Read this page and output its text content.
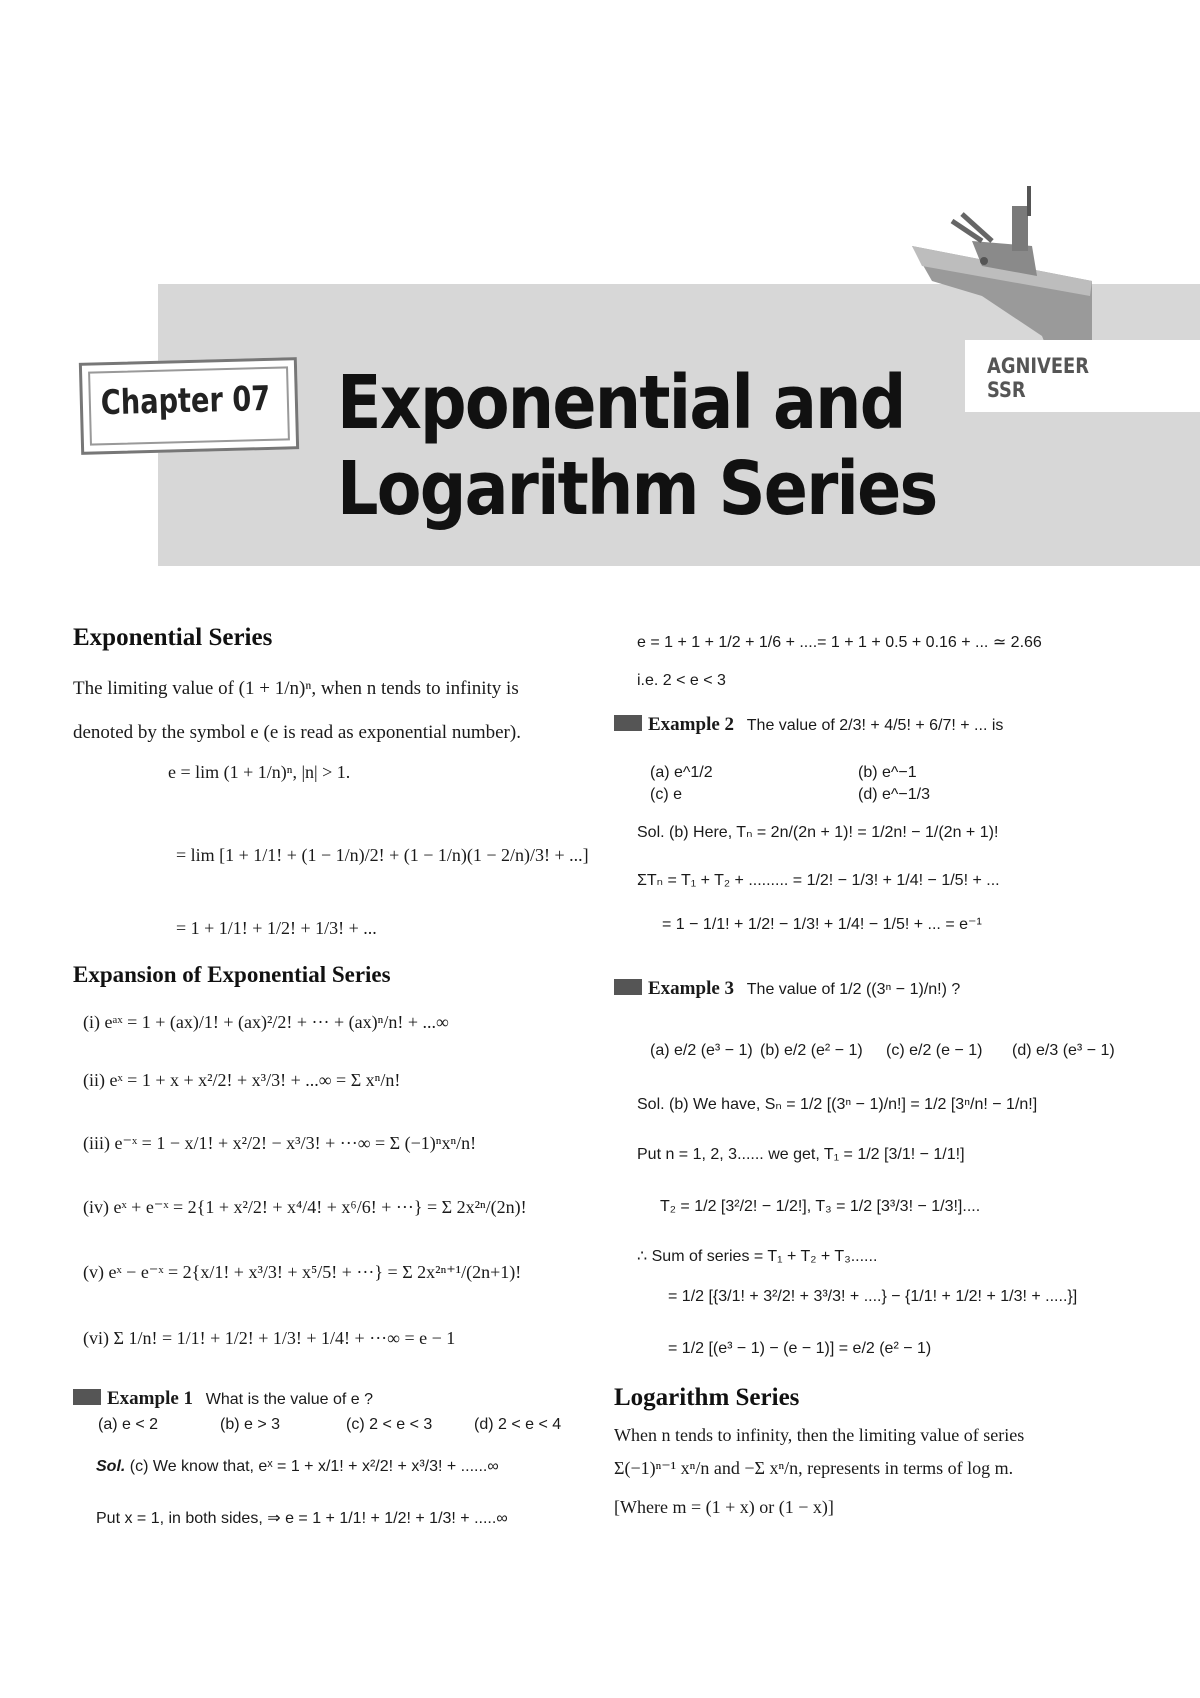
AGNIVEER
SSR
Chapter 07 Exponential and
Logarithm Series
Exponential Series
The limiting value of (1 + 1/n)ⁿ, when n tends to infinity is
denoted by the symbol e (e is read as exponential number).
e = lim (1 + 1/n)ⁿ, |n| > 1.
= lim [1 + 1/1! + (1 − 1/n)/2! + (1 − 1/n)(1 − 2/n)/3! + ...]
= 1 + 1/1! + 1/2! + 1/3! + ...
Expansion of Exponential Series
(i) eᵃˣ = 1 + (ax)/1! + (ax)²/2! + ··· + (ax)ⁿ/n! + ...∞
(ii) eˣ = 1 + x + x²/2! + x³/3! + ...∞ = Σ xⁿ/n!
(iii) e⁻ˣ = 1 − x/1! + x²/2! − x³/3! + ···∞ = Σ (−1)ⁿxⁿ/n!
(iv) eˣ + e⁻ˣ = 2{1 + x²/2! + x⁴/4! + x⁶/6! + ···} = Σ 2x²ⁿ/(2n)!
(v) eˣ − e⁻ˣ = 2{x/1! + x³/3! + x⁵/5! + ···} = Σ 2x²ⁿ⁺¹/(2n+1)!
(vi) Σ 1/n! = 1/1! + 1/2! + 1/3! + 1/4! + ···∞ = e − 1
Example 1 What is the value of e ?
(a) e < 2	(b) e > 3	(c) 2 < e < 3	(d) 2 < e < 4
Sol. (c) We know that, eˣ = 1 + x/1! + x²/2! + x³/3! + ......∞
Put x = 1, in both sides, ⇒ e = 1 + 1/1! + 1/2! + 1/3! + .....∞
e = 1 + 1 + 1/2 + 1/6 + ....= 1 + 1 + 0.5 + 0.16 + ... ≃ 2.66
i.e. 2 < e < 3
Example 2 The value of 2/3! + 4/5! + 6/7! + ... is
(a) e^1/2	(b) e^−1
(c) e	(d) e^−1/3
Sol. (b) Here, Tₙ = 2n/(2n + 1)! = 1/2n! − 1/(2n + 1)!
ΣTₙ = T₁ + T₂ + ......... = 1/2! − 1/3! + 1/4! − 1/5! + ...
= 1 − 1/1! + 1/2! − 1/3! + 1/4! − 1/5! + ... = e⁻¹
Example 3 The value of 1/2 ((3ⁿ − 1)/n!) ?
(a) e/2 (e³ − 1) (b) e/2 (e² − 1) (c) e/2 (e − 1) (d) e/3 (e³ − 1)
Sol. (b) We have, Sₙ = 1/2 [(3ⁿ − 1)/n!] = 1/2 [3ⁿ/n! − 1/n!]
Put n = 1, 2, 3...... we get, T₁ = 1/2 [3/1! − 1/1!]
T₂ = 1/2 [3²/2! − 1/2!], T₃ = 1/2 [3³/3! − 1/3!]....
∴ Sum of series = T₁ + T₂ + T₃......
= 1/2 [{3/1! + 3²/2! + 3³/3! + ....} − {1/1! + 1/2! + 1/3! + .....}]
= 1/2 [(e³ − 1) − (e − 1)] = e/2 (e² − 1)
Logarithm Series
When n tends to infinity, then the limiting value of series
Σ(−1)ⁿ⁻¹ xⁿ/n and −Σ xⁿ/n, represents in terms of log m.
[Where m = (1 + x) or (1 − x)]
